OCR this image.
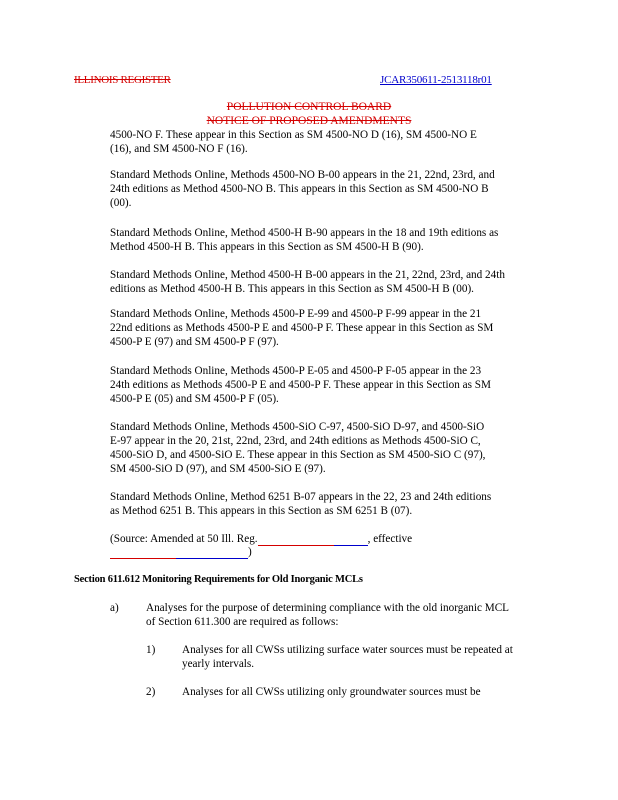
ILLINOIS REGISTER	JCAR350611-2513118r01
POLLUTION CONTROL BOARD
NOTICE OF PROPOSED AMENDMENTS

4500-NO F. These appear in this Section as SM 4500-NO D (16), SM 4500-NO E

(16), and SM 4500-NO F (16).

Standard Methods Online, Methods 4500-NO B-00 appears in the 21, 22nd, 23rd, and

24th editions as Method 4500-NO B. This appears in this Section as SM 4500-NO B

(00).

Standard Methods Online, Method 4500-H B-90 appears in the 18 and 19th editions as

Method 4500-H B. This appears in this Section as SM 4500-H B (90).

Standard Methods Online, Method 4500-H B-00 appears in the 21, 22nd, 23rd, and 24th

editions as Method 4500-H B. This appears in this Section as SM 4500-H B (00).

Standard Methods Online, Methods 4500-P E-99 and 4500-P F-99 appear in the 21

22nd editions as Methods 4500-P E and 4500-P F. These appear in this Section as SM

4500-P E (97) and SM 4500-P F (97).

Standard Methods Online, Methods 4500-P E-05 and 4500-P F-05 appear in the 23

24th editions as Methods 4500-P E and 4500-P F. These appear in this Section as SM

4500-P E (05) and SM 4500-P F (05).

Standard Methods Online, Methods 4500-SiO C-97, 4500-SiO D-97, and 4500-SiO

E-97 appear in the 20, 21st, 22nd, 23rd, and 24th editions as Methods 4500-SiO C,

4500-SiO D, and 4500-SiO E. These appear in this Section as SM 4500-SiO C (97),

SM 4500-SiO D (97), and SM 4500-SiO E (97).

Standard Methods Online, Method 6251 B-07 appears in the 22, 23 and 24th editions

as Method 6251 B. This appears in this Section as SM 6251 B (07).

(Source: Amended at 50 Ill. Reg.	, effective
)
Section 611.612 Monitoring Requirements for Old Inorganic MCLs
a) Analyses for the purpose of determining compliance with the old inorganic MCL

of Section 611.300 are required as follows:

1) Analyses for all CWSs utilizing surface water sources must be repeated at

yearly intervals.

2) Analyses for all CWSs utilizing only groundwater sources must be
